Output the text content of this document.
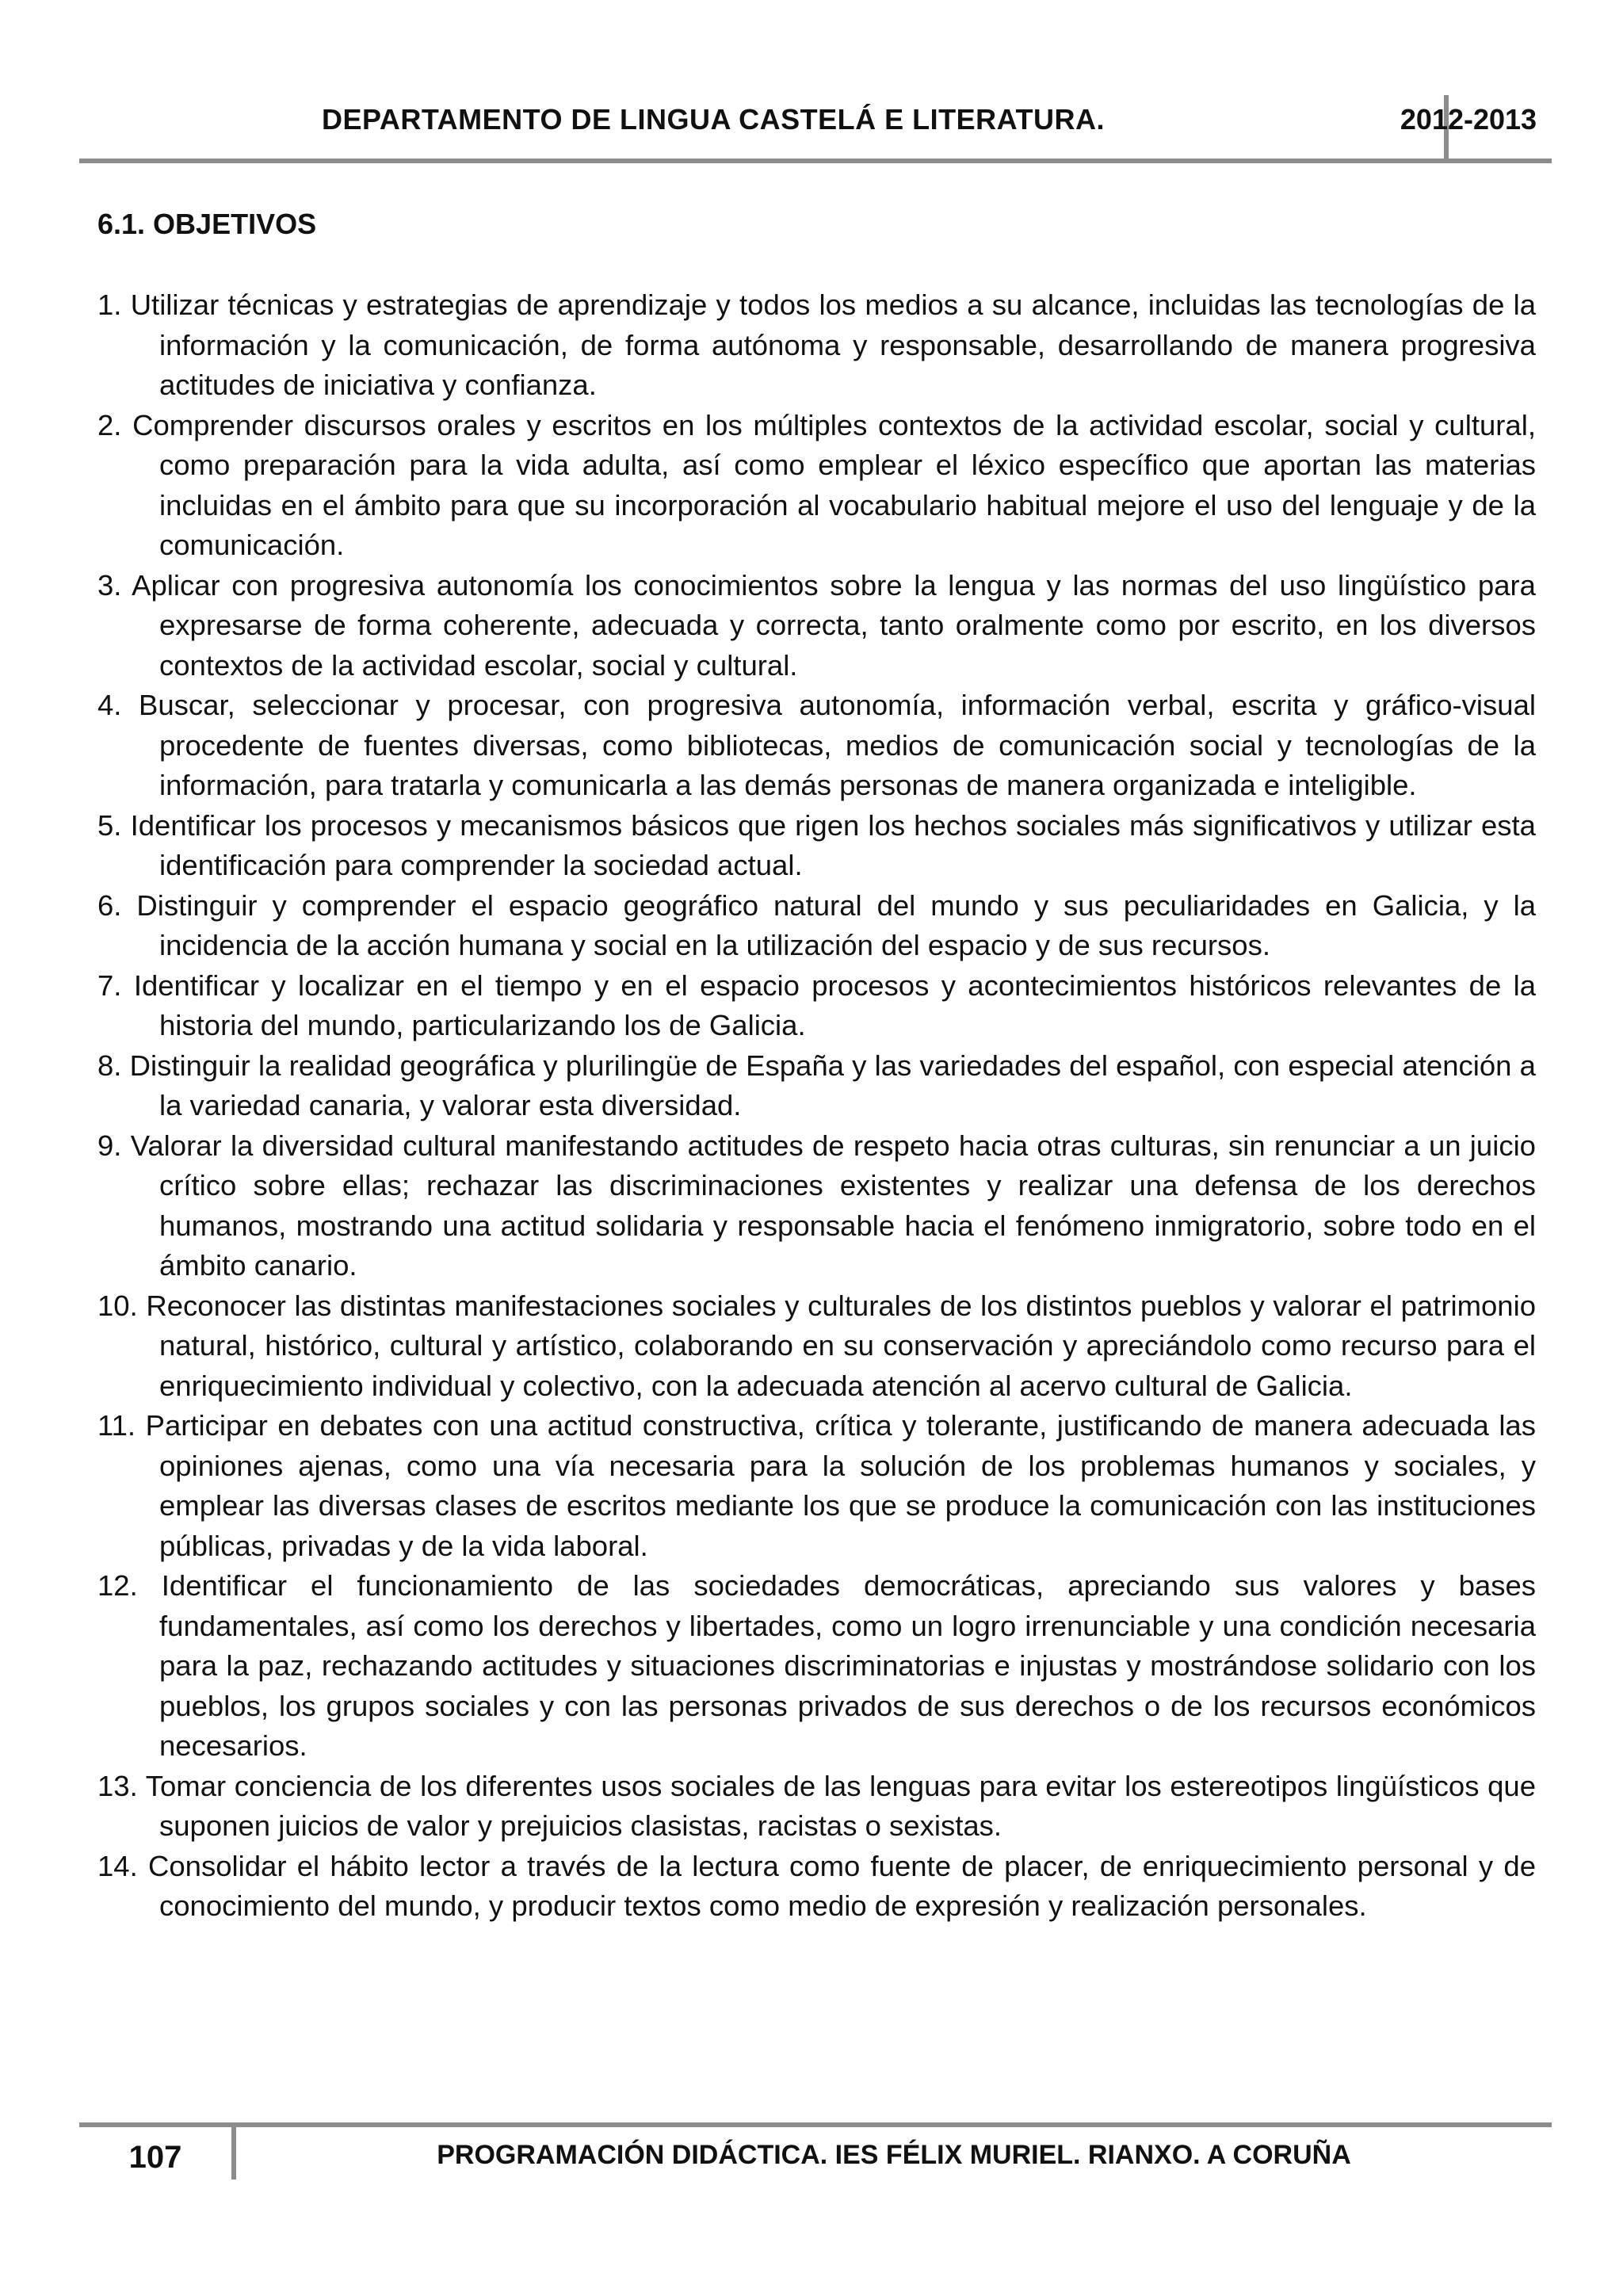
DEPARTAMENTO DE LINGUA CASTELÁ E LITERATURA.	2012-2013
6.1. OBJETIVOS
1. Utilizar técnicas y estrategias de aprendizaje y todos los medios a su alcance, incluidas las tecnologías de la información y la comunicación, de forma autónoma y responsable, desarrollando de manera progresiva actitudes de iniciativa y confianza.
2. Comprender discursos orales y escritos en los múltiples contextos de la actividad escolar, social y cultural, como preparación para la vida adulta, así como emplear el léxico específico que aportan las materias incluidas en el ámbito para que su incorporación al vocabulario habitual mejore el uso del lenguaje y de la comunicación.
3. Aplicar con progresiva autonomía los conocimientos sobre la lengua y las normas del uso lingüístico para expresarse de forma coherente, adecuada y correcta, tanto oralmente como por escrito, en los diversos contextos de la actividad escolar, social y cultural.
4. Buscar, seleccionar y procesar, con progresiva autonomía, información verbal, escrita y gráfico-visual procedente de fuentes diversas, como bibliotecas, medios de comunicación social y tecnologías de la información, para tratarla y comunicarla a las demás personas de manera organizada e inteligible.
5. Identificar los procesos y mecanismos básicos que rigen los hechos sociales más significativos y utilizar esta identificación para comprender la sociedad actual.
6. Distinguir y comprender el espacio geográfico natural del mundo y sus peculiaridades en Galicia, y la incidencia de la acción humana y social en la utilización del espacio y de sus recursos.
7. Identificar y localizar en el tiempo y en el espacio procesos y acontecimientos históricos relevantes de la historia del mundo, particularizando los de Galicia.
8. Distinguir la realidad geográfica y plurilingüe de España y las variedades del español, con especial atención a la variedad canaria, y valorar esta diversidad.
9. Valorar la diversidad cultural manifestando actitudes de respeto hacia otras culturas, sin renunciar a un juicio crítico sobre ellas; rechazar las discriminaciones existentes y realizar una defensa de los derechos humanos, mostrando una actitud solidaria y responsable hacia el fenómeno inmigratorio, sobre todo en el ámbito canario.
10. Reconocer las distintas manifestaciones sociales y culturales de los distintos pueblos y valorar el patrimonio natural, histórico, cultural y artístico, colaborando en su conservación y apreciándolo como recurso para el enriquecimiento individual y colectivo, con la adecuada atención al acervo cultural de Galicia.
11. Participar en debates con una actitud constructiva, crítica y tolerante, justificando de manera adecuada las opiniones ajenas, como una vía necesaria para la solución de los problemas humanos y sociales, y emplear las diversas clases de escritos mediante los que se produce la comunicación con las instituciones públicas, privadas y de la vida laboral.
12. Identificar el funcionamiento de las sociedades democráticas, apreciando sus valores y bases fundamentales, así como los derechos y libertades, como un logro irrenunciable y una condición necesaria para la paz, rechazando actitudes y situaciones discriminatorias e injustas y mostrándose solidario con los pueblos, los grupos sociales y con las personas privados de sus derechos o de los recursos económicos necesarios.
13. Tomar conciencia de los diferentes usos sociales de las lenguas para evitar los estereotipos lingüísticos que suponen juicios de valor y prejuicios clasistas, racistas o sexistas.
14. Consolidar el hábito lector a través de la lectura como fuente de placer, de enriquecimiento personal y de conocimiento del mundo, y producir textos como medio de expresión y realización personales.
107	PROGRAMACIÓN DIDÁCTICA. IES FÉLIX MURIEL. RIANXO. A CORUÑA
